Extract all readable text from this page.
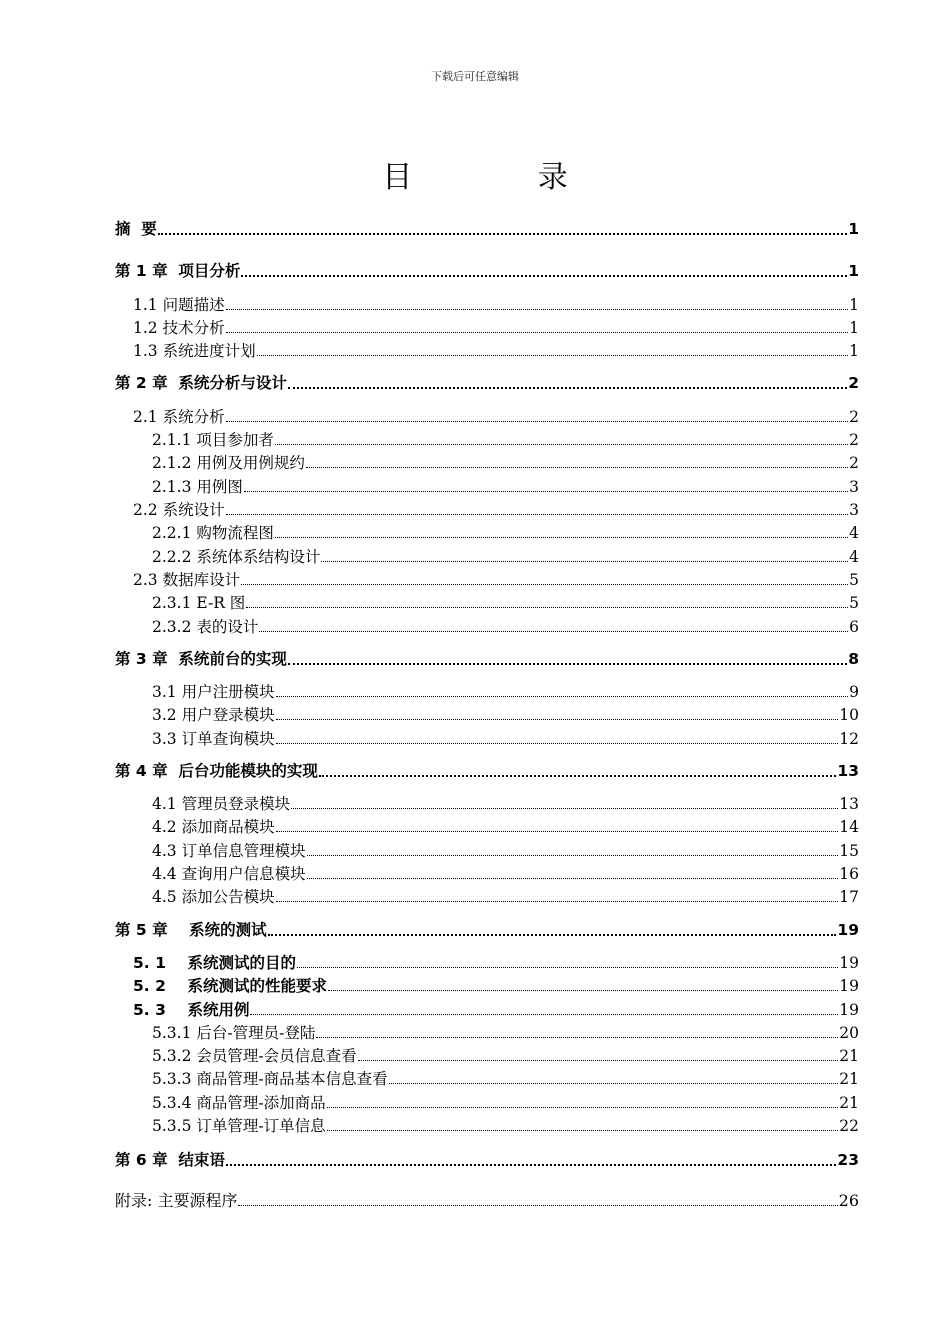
下载后可任意编辑
目 录
摘  要	1
第 1 章  项目分析	1
1.1 问题描述	1
1.2 技术分析	1
1.3 系统进度计划	1
第 2 章  系统分析与设计	2
2.1 系统分析	2
2.1.1 项目参加者	2
2.1.2 用例及用例规约	2
2.1.3 用例图	3
2.2 系统设计	3
2.2.1 购物流程图	4
2.2.2 系统体系结构设计	4
2.3 数据库设计	5
2.3.1 E-R 图	5
2.3.2 表的设计	6
第 3 章  系统前台的实现	8
3.1 用户注册模块	9
3.2 用户登录模块	10
3.3 订单查询模块	12
第 4 章  后台功能模块的实现	13
4.1 管理员登录模块	13
4.2 添加商品模块	14
4.3 订单信息管理模块	15
4.4 查询用户信息模块	16
4.5 添加公告模块	17
第 5 章    系统的测试	19
5. 1    系统测试的目的	19
5. 2    系统测试的性能要求	19
5. 3    系统用例	19
5.3.1 后台-管理员-登陆	20
5.3.2 会员管理-会员信息查看	21
5.3.3 商品管理-商品基本信息查看	21
5.3.4 商品管理-添加商品	21
5.3.5 订单管理-订单信息	22
第 6 章  结束语	23
附录: 主要源程序	26
